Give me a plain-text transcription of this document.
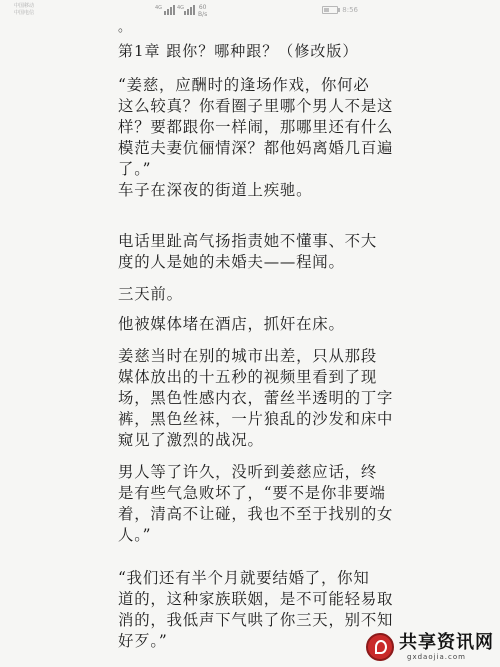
中国移动
中国电信
4G	4G 60
B/s
8:56
。
第1章 跟你？哪种跟？（修改版）

“姜慈，应酬时的逢场作戏，你何必
这么较真？你看圈子里哪个男人不是这
样？要都跟你一样闹，那哪里还有什么
模范夫妻伉俪情深？都他妈离婚几百遍
了。”

车子在深夜的街道上疾驰。

电话里趾高气扬指责她不懂事、不大
度的人是她的未婚夫——程闻。

三天前。

他被媒体堵在酒店，抓奸在床。

姜慈当时在别的城市出差，只从那段
媒体放出的十五秒的视频里看到了现
场，黑色性感内衣，蕾丝半透明的丁字
裤，黑色丝袜，一片狼乱的沙发和床中
窥见了激烈的战况。

男人等了许久，没听到姜慈应话，终
是有些气急败坏了，“要不是你非要端
着，清高不让碰，我也不至于找别的女
人。”

“我们还有半个月就要结婚了，你知
道的，这种家族联姻，是不可能轻易取
消的，我低声下气哄了你三天，别不知
好歹。”	共享资讯网
gxdaojia.com
